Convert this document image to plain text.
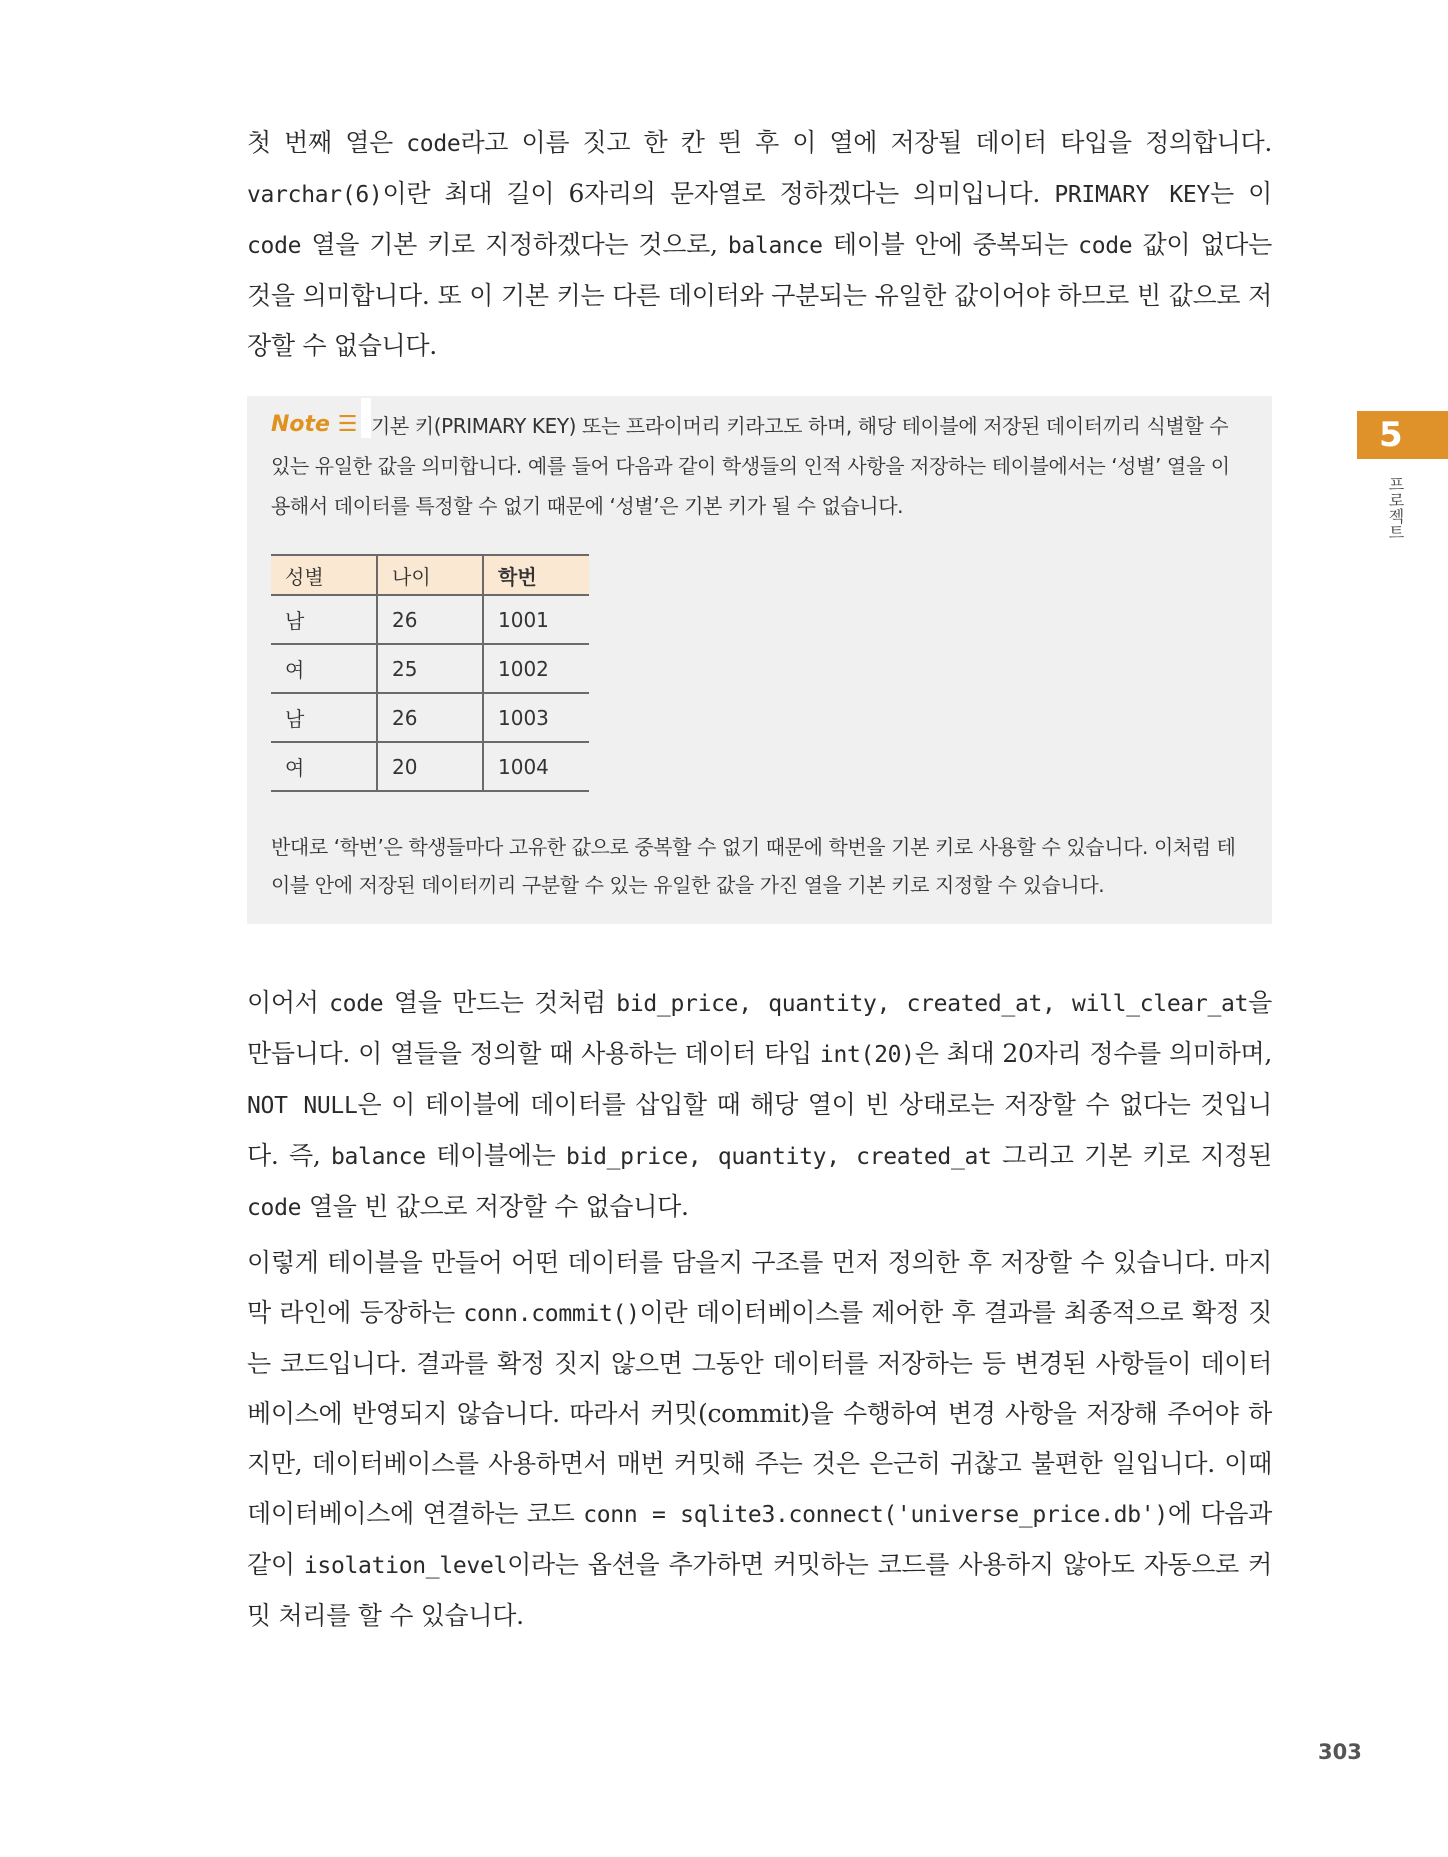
첫 번째 열은 code라고 이름 짓고 한 칸 띈 후 이 열에 저장될 데이터 타입을 정의합니다. varchar(6)이란 최대 길이 6자리의 문자열로 정하겠다는 의미입니다. PRIMARY KEY는 이 code 열을 기본 키로 지정하겠다는 것으로, balance 테이블 안에 중복되는 code 값이 없다는 것을 의미합니다. 또 이 기본 키는 다른 데이터와 구분되는 유일한 값이어야 하므로 빈 값으로 저장할 수 없습니다.

기본 키(PRIMARY KEY) 또는 프라이머리 키라고도 하며, 해당 테이블에 저장된 데이터끼리 식별할 수 있는 유일한 값을 의미합니다. 예를 들어 다음과 같이 학생들의 인적 사항을 저장하는 테이블에서는 ‘성별’ 열을 이용해서 데이터를 특정할 수 없기 때문에 ‘성별’은 기본 키가 될 수 없습니다.

Note ☰
성별	나이	학번
남	26	1001
여	25	1002
남	26	1003
여	20	1004

반대로 ‘학번’은 학생들마다 고유한 값으로 중복할 수 없기 때문에 학번을 기본 키로 사용할 수 있습니다. 이처럼 테이블 안에 저장된 데이터끼리 구분할 수 있는 유일한 값을 가진 열을 기본 키로 지정할 수 있습니다.

이어서 code 열을 만드는 것처럼 bid_price, quantity, created_at, will_clear_at을 만듭니다. 이 열들을 정의할 때 사용하는 데이터 타입 int(20)은 최대 20자리 정수를 의미하며, NOT NULL은 이 테이블에 데이터를 삽입할 때 해당 열이 빈 상태로는 저장할 수 없다는 것입니다. 즉, balance 테이블에는 bid_price, quantity, created_at 그리고 기본 키로 지정된 code 열을 빈 값으로 저장할 수 없습니다.

이렇게 테이블을 만들어 어떤 데이터를 담을지 구조를 먼저 정의한 후 저장할 수 있습니다. 마지막 라인에 등장하는 conn.commit()이란 데이터베이스를 제어한 후 결과를 최종적으로 확정 짓는 코드입니다. 결과를 확정 짓지 않으면 그동안 데이터를 저장하는 등 변경된 사항들이 데이터베이스에 반영되지 않습니다. 따라서 커밋(commit)을 수행하여 변경 사항을 저장해 주어야 하지만, 데이터베이스를 사용하면서 매번 커밋해 주는 것은 은근히 귀찮고 불편한 일입니다. 이때 데이터베이스에 연결하는 코드 conn = sqlite3.connect('universe_price.db')에 다음과 같이 isolation_level이라는 옵션을 추가하면 커밋하는 코드를 사용하지 않아도 자동으로 커밋 처리를 할 수 있습니다.

5
프로젝트
303
